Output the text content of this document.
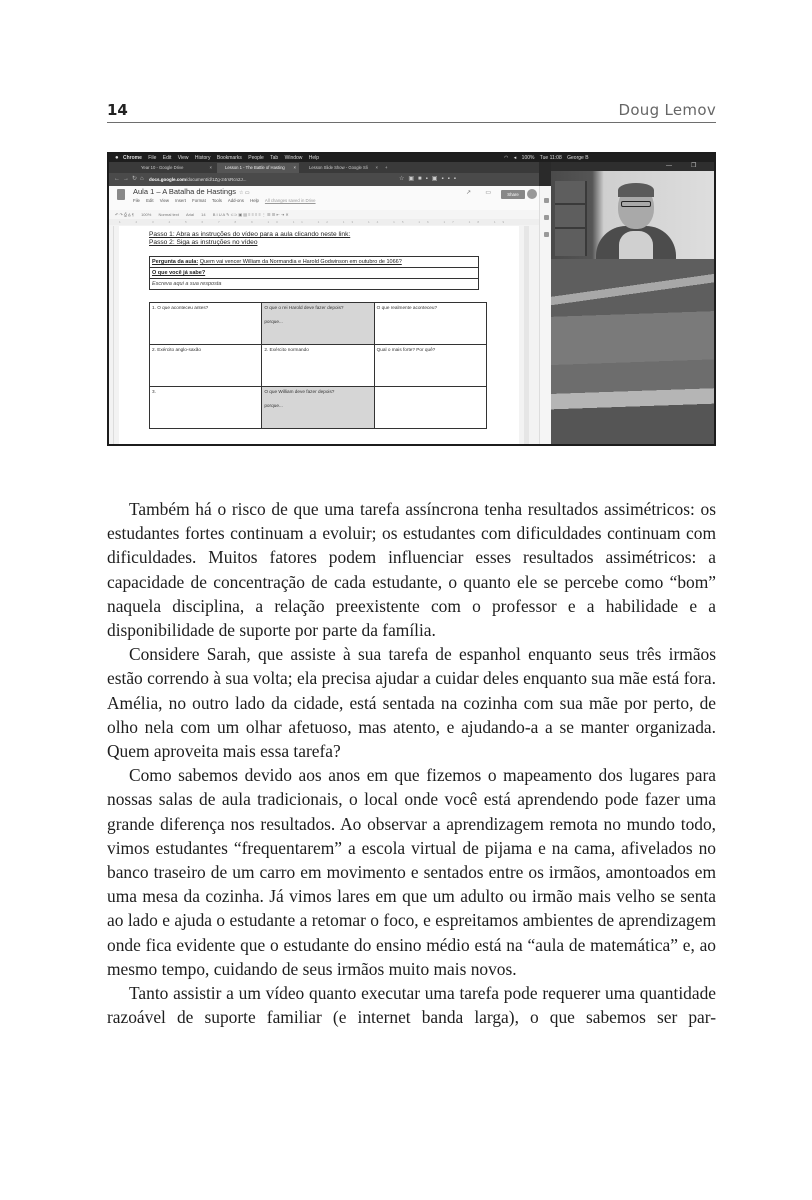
14	Doug Lemov
● Chrome File Edit View History Bookmarks People Tab Window Help	◠ ◂ 100% Tue 11:08 George B
Year 10 - Google Drive	×	Lesson 1 - The Battle of Hasting ×	Lesson Slide Show - Google Sli ×	+
←→↻⌂ docs.google.com/document/d/1Zg-24rsRcn2J...	☆▣■▪▣▪▪▪
Aula 1 – A Batalha de Hastings ☆ ▭
File Edit View Insert Format Tools Add-ons Help All changes saved in Drive
↗ ▭	Share
↶ ↷ ⎙ A̲ ¶ 100% Normal text Arial 14 B I U A ✎ ⊂⊃ ▣ ▤ ≡ ≡ ≡ ≡ ⋮ ☰ ☰ ⇤ ⇥ ✕
1 2 3 4 5 6 7 8 9 10 11 12 13 14 15 16 17 18 19
Passo 1: Abra as instruções do vídeo para a aula clicando neste link:
Passo 2: Siga as instruções no vídeo
Pergunta da aula: Quem vai vencer William da Normandia e Harold Godwinson em outubro de 1066?
O que você já sabe?
Escreva aqui a sua resposta
1. O que aconteceu antes?	O que o rei Harold deve fazer depois?
porque...	O que realmente aconteceu?
2. Exército anglo-saxão	2. Exército normando	Qual o mais forte? Por quê?
3.	O que William deve fazer depois?
porque...	

—	❐

Também há o risco de que uma tarefa assíncrona tenha resultados assimétricos: os estudantes fortes continuam a evoluir; os estudantes com dificuldades continuam com dificuldades. Muitos fatores podem influenciar esses resultados assimétricos: a capacidade de concentração de cada estudante, o quanto ele se percebe como “bom” naquela disciplina, a relação preexistente com o professor e a habilidade e a disponibilidade de suporte por parte da família.

Considere Sarah, que assiste à sua tarefa de espanhol enquanto seus três irmãos estão correndo à sua volta; ela precisa ajudar a cuidar deles enquanto sua mãe está fora. Amélia, no outro lado da cidade, está sentada na cozinha com sua mãe por perto, de olho nela com um olhar afetuoso, mas atento, e ajudando-a a se manter organizada. Quem aproveita mais essa tarefa?

Como sabemos devido aos anos em que fizemos o mapeamento dos lugares para nossas salas de aula tradicionais, o local onde você está aprendendo pode fazer uma grande diferença nos resultados. Ao observar a aprendizagem remota no mundo todo, vimos estudantes “frequentarem” a escola virtual de pijama e na cama, afivelados no banco traseiro de um carro em movimento e sentados entre os irmãos, amontoados em uma mesa da cozinha. Já vimos lares em que um adulto ou irmão mais velho se senta ao lado e ajuda o estudante a retomar o foco, e espreitamos ambientes de aprendizagem onde fica evidente que o estudante do ensino médio está na “aula de matemática” e, ao mesmo tempo, cuidando de seus irmãos muito mais novos.

Tanto assistir a um vídeo quanto executar uma tarefa pode requerer uma quantidade razoável de suporte familiar (e internet banda larga), o que sabemos ser par-
